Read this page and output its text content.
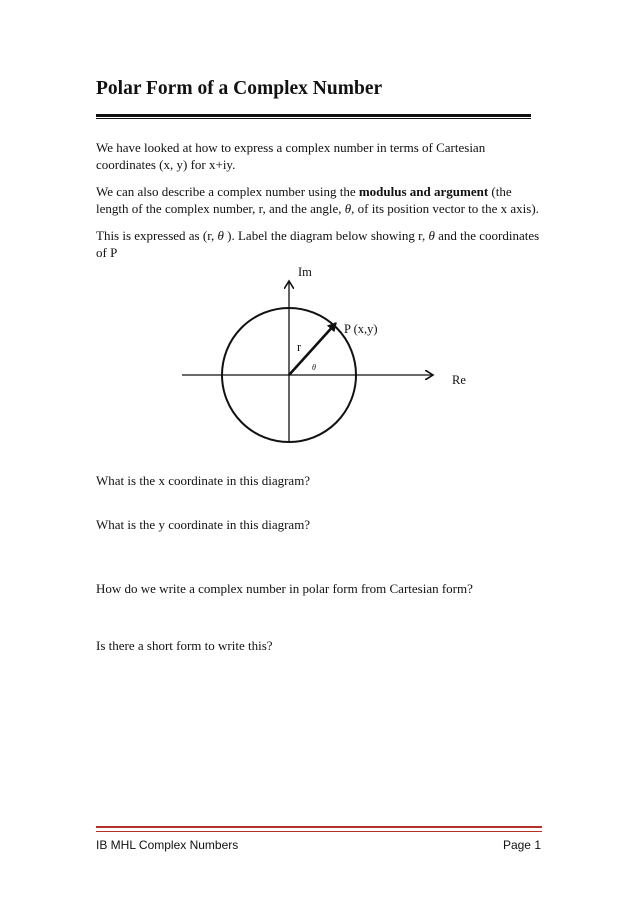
Polar Form of a Complex Number

We have looked at how to express a complex number in terms of Cartesian coordinates (x, y) for x+iy.

We can also describe a complex number using the modulus and argument (the length of the complex number, r, and the angle, θ, of its position vector to the x axis).

This is expressed as (r, θ ). Label the diagram below showing r, θ and the coordinates of P

Im
Re
P (x,y)
r
θ

What is the x coordinate in this diagram?

What is the y coordinate in this diagram?

How do we write a complex number in polar form from Cartesian form?

Is there a short form to write this?

IB MHL Complex Numbers	Page 1
